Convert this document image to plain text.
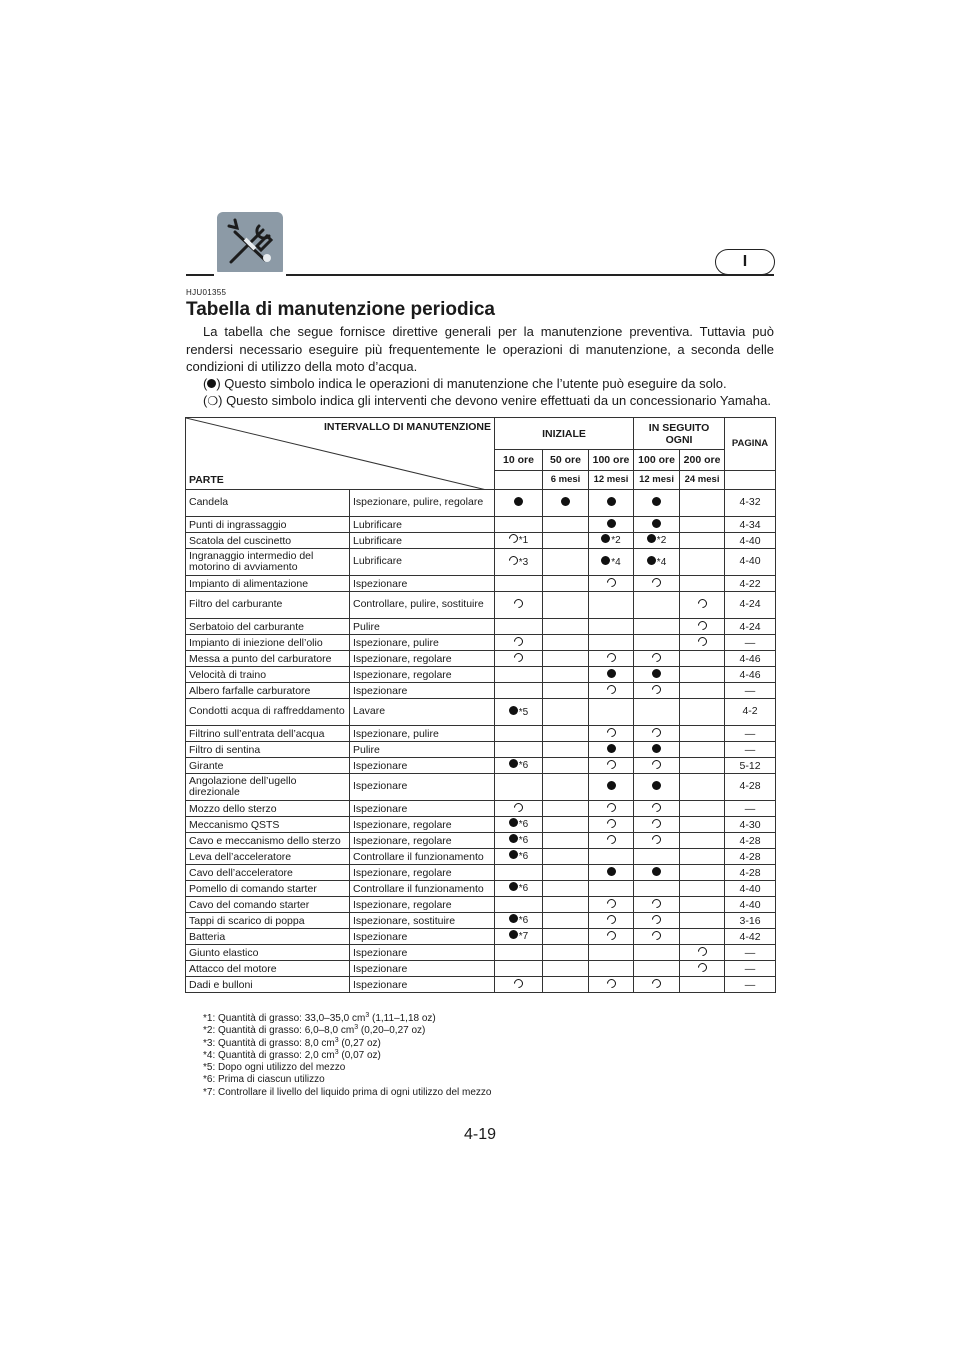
I
HJU01355
Tabella di manutenzione periodica

La tabella che segue fornisce direttive generali per la manutenzione preventiva. Tuttavia può rendersi necessario eseguire più frequentemente le operazioni di manutenzione, a seconda delle condizioni di utilizzo della moto d’acqua.

( ) Questo simbolo indica le operazioni di manutenzione che l’utente può eseguire da solo.
(❍) Questo simbolo indica gli interventi che devono venire effettuati da un concessionario Yamaha.
INTERVALLO DI MANUTENZIONE
PARTE		INIZIALE			IN SEGUITO OGNI		PAGINA
		10 ore	50 ore	100 ore	100 ore	200 ore	
			6 mesi	12 mesi	12 mesi	24 mesi	
Candela	Ispezionare, pulire, regolare						4-32
Punti di ingrassaggio	Lubrificare						4-34
Scatola del cuscinetto	Lubrificare	*1		*2	*2		4-40
Ingranaggio intermedio del motorino di avviamento	Lubrificare	*3		*4	*4		4-40
Impianto di alimentazione	Ispezionare						4-22
Filtro del carburante	Controllare, pulire, sostituire						4-24
Serbatoio del carburante	Pulire						4-24
Impianto di iniezione dell’olio	Ispezionare, pulire						—
Messa a punto del carburatore	Ispezionare, regolare						4-46
Velocità di traino	Ispezionare, regolare						4-46
Albero farfalle carburatore	Ispezionare						—
Condotti acqua di raffreddamento	Lavare	*5					4-2
Filtrino sull’entrata dell’acqua	Ispezionare, pulire						—
Filtro di sentina	Pulire						—
Girante	Ispezionare	*6					5-12
Angolazione dell’ugello direzionale	Ispezionare						4-28
Mozzo dello sterzo	Ispezionare						—
Meccanismo QSTS	Ispezionare, regolare	*6					4-30
Cavo e meccanismo dello sterzo	Ispezionare, regolare	*6					4-28
Leva dell’acceleratore	Controllare il funzionamento	*6					4-28
Cavo dell’acceleratore	Ispezionare, regolare						4-28
Pomello di comando starter	Controllare il funzionamento	*6					4-40
Cavo del comando starter	Ispezionare, regolare						4-40
Tappi di scarico di poppa	Ispezionare, sostituire	*6					3-16
Batteria	Ispezionare	*7					4-42
Giunto elastico	Ispezionare						—
Attacco del motore	Ispezionare						—
Dadi e bulloni	Ispezionare						—
*1: Quantità di grasso: 33,0–35,0 $cm^3$ (1,11–1,18 oz)
*2: Quantità di grasso: 6,0–8,0 $cm^3$ (0,20–0,27 oz)
*3: Quantità di grasso: 8,0 $cm^3$ (0,27 oz)
*4: Quantità di grasso: 2,0 $cm^3$ (0,07 oz)
*5: Dopo ogni utilizzo del mezzo
*6: Prima di ciascun utilizzo
*7: Controllare il livello del liquido prima di ogni utilizzo del mezzo
4-19
